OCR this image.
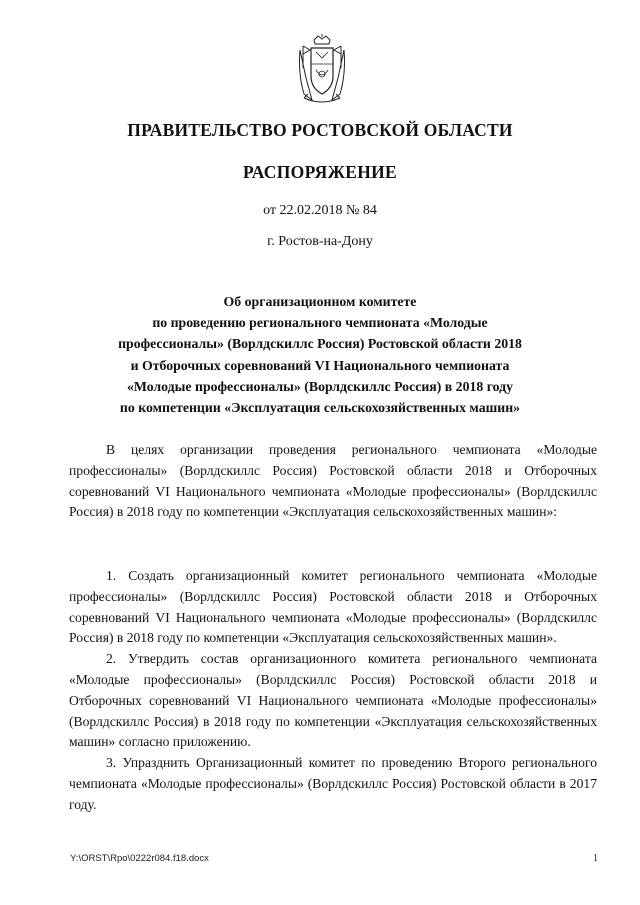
ПРАВИТЕЛЬСТВО РОСТОВСКОЙ ОБЛАСТИ
РАСПОРЯЖЕНИЕ
от 22.02.2018 № 84
г. Ростов-на-Дону
Об организационном комитете
по проведению регионального чемпионата «Молодые
профессионалы» (Ворлдскиллс Россия) Ростовской области 2018
и Отборочных соревнований VI Национального чемпионата
«Молодые профессионалы» (Ворлдскиллс Россия) в 2018 году
по компетенции «Эксплуатация сельскохозяйственных машин»

В целях организации проведения регионального чемпионата «Молодые профессионалы» (Ворлдскиллс Россия) Ростовской области 2018 и Отборочных соревнований VI Национального чемпионата «Молодые профессионалы» (Ворлдскиллс Россия) в 2018 году по компетенции «Эксплуатация сельскохозяйственных машин»:

1. Создать организационный комитет регионального чемпионата «Молодые профессионалы» (Ворлдскиллс Россия) Ростовской области 2018 и Отборочных соревнований VI Национального чемпионата «Молодые профессионалы» (Ворлдскиллс Россия) в 2018 году по компетенции «Эксплуатация сельскохозяйственных машин».

2. Утвердить состав организационного комитета регионального чемпионата «Молодые профессионалы» (Ворлдскиллс Россия) Ростовской области 2018 и Отборочных соревнований VI Национального чемпионата «Молодые профессионалы» (Ворлдскиллс Россия) в 2018 году по компетенции «Эксплуатация сельскохозяйственных машин» согласно приложению.

3. Упразднить Организационный комитет по проведению Второго регионального чемпионата «Молодые профессионалы» (Ворлдскиллс Россия) Ростовской области в 2017 году.

Y:\ORST\Rpo\0222r084.f18.docx	1
